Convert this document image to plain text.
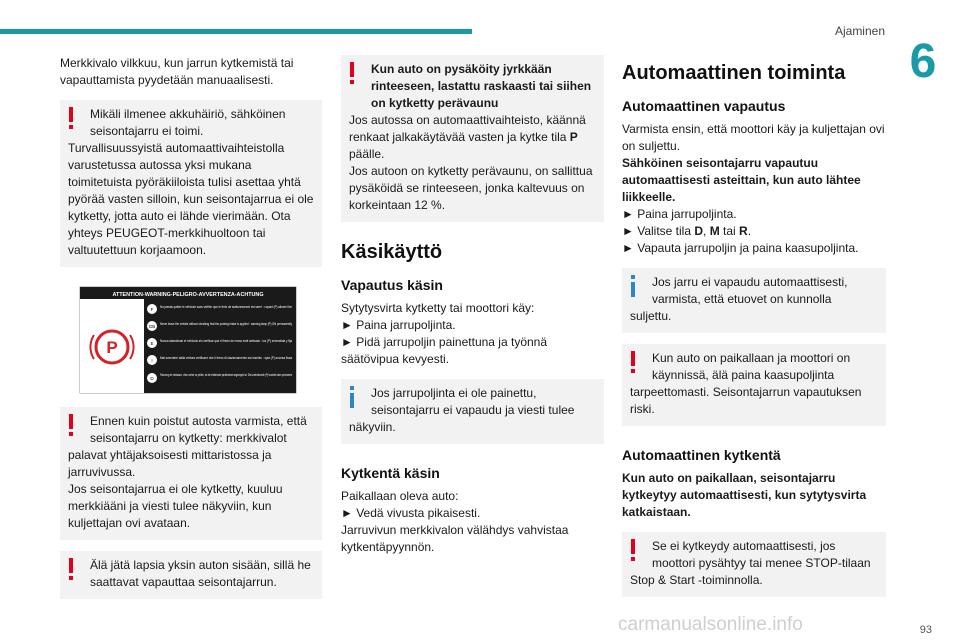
Ajaminen
6

Merkkivalo vilkkuu, kun jarrun kytkemistä tai vapauttamista pyydetään manuaalisesti.

Mikäli ilmenee akkuhäiriö, sähköinen seisontajarru ei toimi.

Turvallisuussyistä automaattivaihteistolla varustetussa autossa yksi mukana toimitetuista pyöräkiiloista tulisi asettaa yhtä pyörää vasten silloin, kun seisontajarrua ei ole kytketty, jotta auto ei lähde vierimään. Ota yhteys PEUGEOT-merkkihuoltoon tai valtuutettuun korjaamoon.

ATTENTION-WARNING-PELIGRO-AVVERTENZA-ACHTUNG
P
F
No jamais quitter le véhicule sans vérifier que le frein de stationnement est serré : voyant (P) allumé fixe
GB
Never leave the vehicle without checking that the parking brake is applied : warning lamp (P) ON permanently
E
Nunca abandonar el vehículo sin verificar que el freno de mano esté activado : luz (P) encendida y fija
I
Mai scendere dalla vettura verificare che il freno di stazionamento sia inserito : spia (P) accesa fissa
D
Fahrzeug nie verlassen, ohne vorher zu prüfen, ob die elektrische parkbremse angezogen ist. Die kontrolleuchte (P) leuchtet dann permanent

Ennen kuin poistut autosta varmista, että seisontajarru on kytketty: merkkivalot

palavat yhtäjaksoisesti mittaristossa ja jarruvivussa.

Jos seisontajarrua ei ole kytketty, kuuluu merkkiääni ja viesti tulee näkyviin, kun kuljettajan ovi avataan.

Älä jätä lapsia yksin auton sisään, sillä he saattavat vapauttaa seisontajarrun.

Kun auto on pysäköity jyrkkään rinteeseen, lastattu raskaasti tai siihen on kytketty perävaunu

Jos autossa on automaattivaihteisto, käännä renkaat jalkakäytävää vasten ja kytke tila P päälle.

Jos autoon on kytketty perävaunu, on sallittua pysäköidä se rinteeseen, jonka kaltevuus on korkeintaan 12 %.

Käsikäyttö
Vapautus käsin

Sytytysvirta kytketty tai moottori käy:

► Paina jarrupoljinta.

► Pidä jarrupoljin painettuna ja työnnä säätövipua kevyesti.

Jos jarrupoljinta ei ole painettu, seisontajarru ei vapaudu ja viesti tulee

näkyviin.

Kytkentä käsin

Paikallaan oleva auto:

► Vedä vivusta pikaisesti.

Jarruvivun merkkivalon välähdys vahvistaa kytkentäpyynnön.

Automaattinen toiminta
Automaattinen vapautus

Varmista ensin, että moottori käy ja kuljettajan ovi on suljettu.

Sähköinen seisontajarru vapautuu automaattisesti asteittain, kun auto lähtee liikkeelle.

► Paina jarrupoljinta.

► Valitse tila D, M tai R.

► Vapauta jarrupoljin ja paina kaasupoljinta.

Jos jarru ei vapaudu automaattisesti, varmista, että etuovet on kunnolla

suljettu.

Kun auto on paikallaan ja moottori on käynnissä, älä paina kaasupoljinta

tarpeettomasti. Seisontajarrun vapautuksen riski.

Automaattinen kytkentä

Kun auto on paikallaan, seisontajarru kytkeytyy automaattisesti, kun sytytysvirta katkaistaan.

Se ei kytkeydy automaattisesti, jos moottori pysähtyy tai menee STOP-tilaan

Stop & Start -toiminnolla.

carmanualsonline.info	93
